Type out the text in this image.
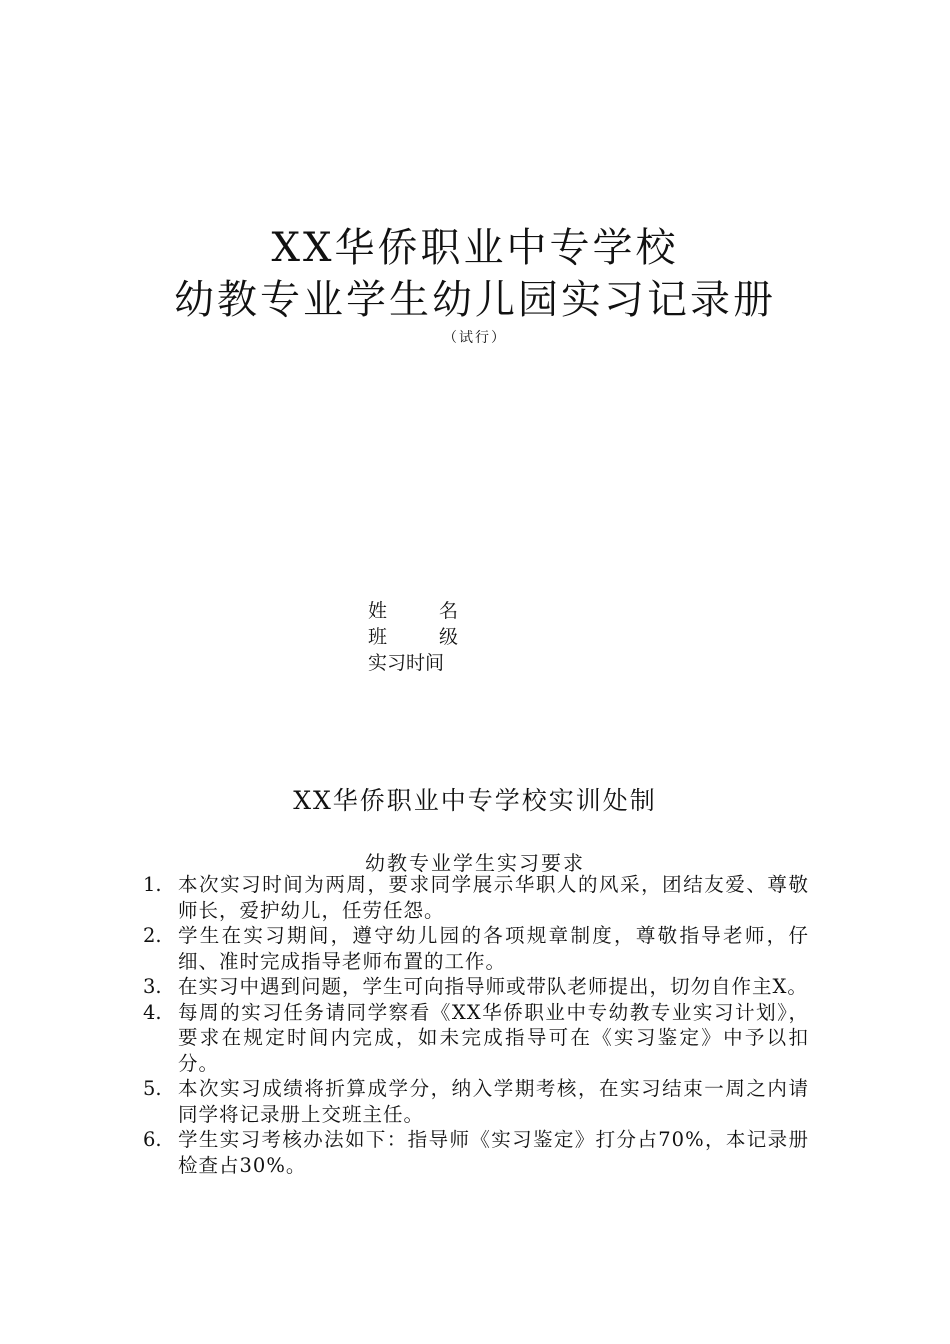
XX华侨职业中专学校
幼教专业学生幼儿园实习记录册
（试行）
姓	名
班	级
实习时间
XX华侨职业中专学校实训处制
幼教专业学生实习要求
1. 本次实习时间为两周，要求同学展示华职人的风采，团结友爱、尊敬师长，爱护幼儿，任劳任怨。
2. 学生在实习期间，遵守幼儿园的各项规章制度，尊敬指导老师，仔细、准时完成指导老师布置的工作。
3. 在实习中遇到问题，学生可向指导师或带队老师提出，切勿自作主X。
4. 每周的实习任务请同学察看《XX华侨职业中专幼教专业实习计划》，要求在规定时间内完成，如未完成指导可在《实习鉴定》中予以扣分。
5. 本次实习成绩将折算成学分，纳入学期考核，在实习结束一周之内请同学将记录册上交班主任。
6. 学生实习考核办法如下：指导师《实习鉴定》打分占70%，本记录册检查占30%。
